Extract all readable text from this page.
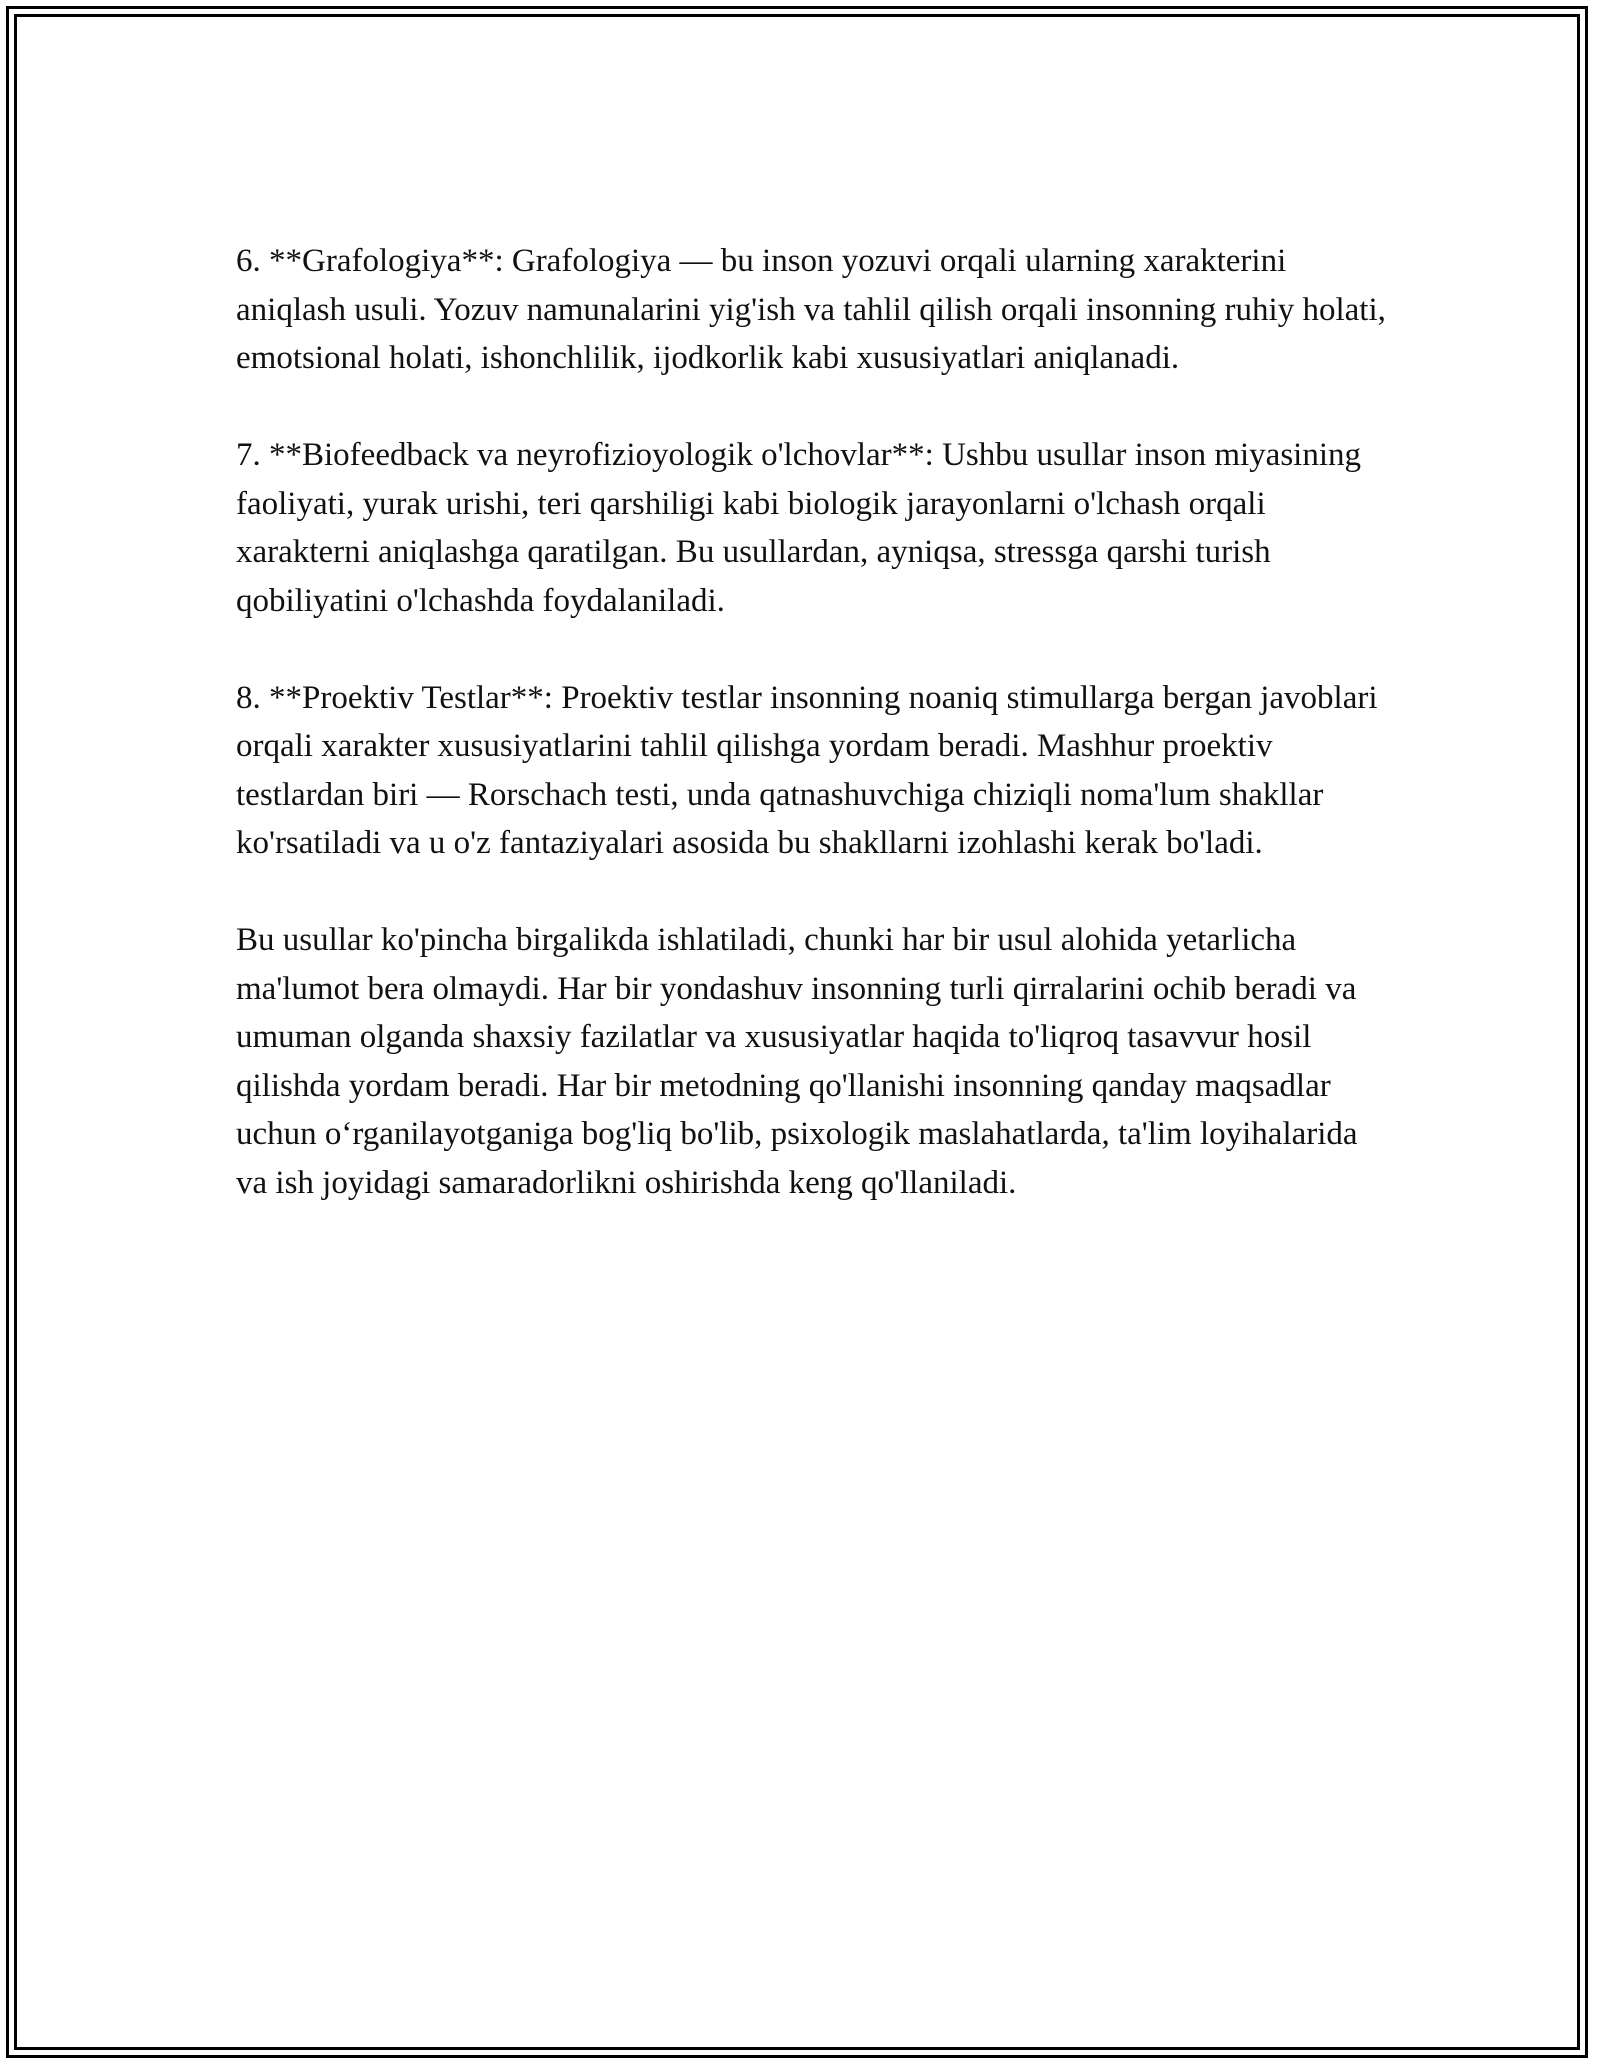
6. **Grafologiya**: Grafologiya — bu inson yozuvi orqali ularning xarakterini aniqlash usuli. Yozuv namunalarini yig'ish va tahlil qilish orqali insonning ruhiy holati, emotsional holati, ishonchlilik, ijodkorlik kabi xususiyatlari aniqlanadi.

7. **Biofeedback va neyrofizioyologik o'lchovlar**: Ushbu usullar inson miyasining faoliyati, yurak urishi, teri qarshiligi kabi biologik jarayonlarni o'lchash orqali xarakterni aniqlashga qaratilgan. Bu usullardan, ayniqsa, stressga qarshi turish qobiliyatini o'lchashda foydalaniladi.

8. **Proektiv Testlar**: Proektiv testlar insonning noaniq stimullarga bergan javoblari orqali xarakter xususiyatlarini tahlil qilishga yordam beradi. Mashhur proektiv testlardan biri — Rorschach testi, unda qatnashuvchiga chiziqli noma'lum shakllar ko'rsatiladi va u o'z fantaziyalari asosida bu shakllarni izohlashi kerak bo'ladi.

Bu usullar ko'pincha birgalikda ishlatiladi, chunki har bir usul alohida yetarlicha ma'lumot bera olmaydi. Har bir yondashuv insonning turli qirralarini ochib beradi va umuman olganda shaxsiy fazilatlar va xususiyatlar haqida to'liqroq tasavvur hosil qilishda yordam beradi. Har bir metodning qo'llanishi insonning qanday maqsadlar uchun o‘rganilayotganiga bog'liq bo'lib, psixologik maslahatlarda, ta'lim loyihalarida va ish joyidagi samaradorlikni oshirishda keng qo'llaniladi.
